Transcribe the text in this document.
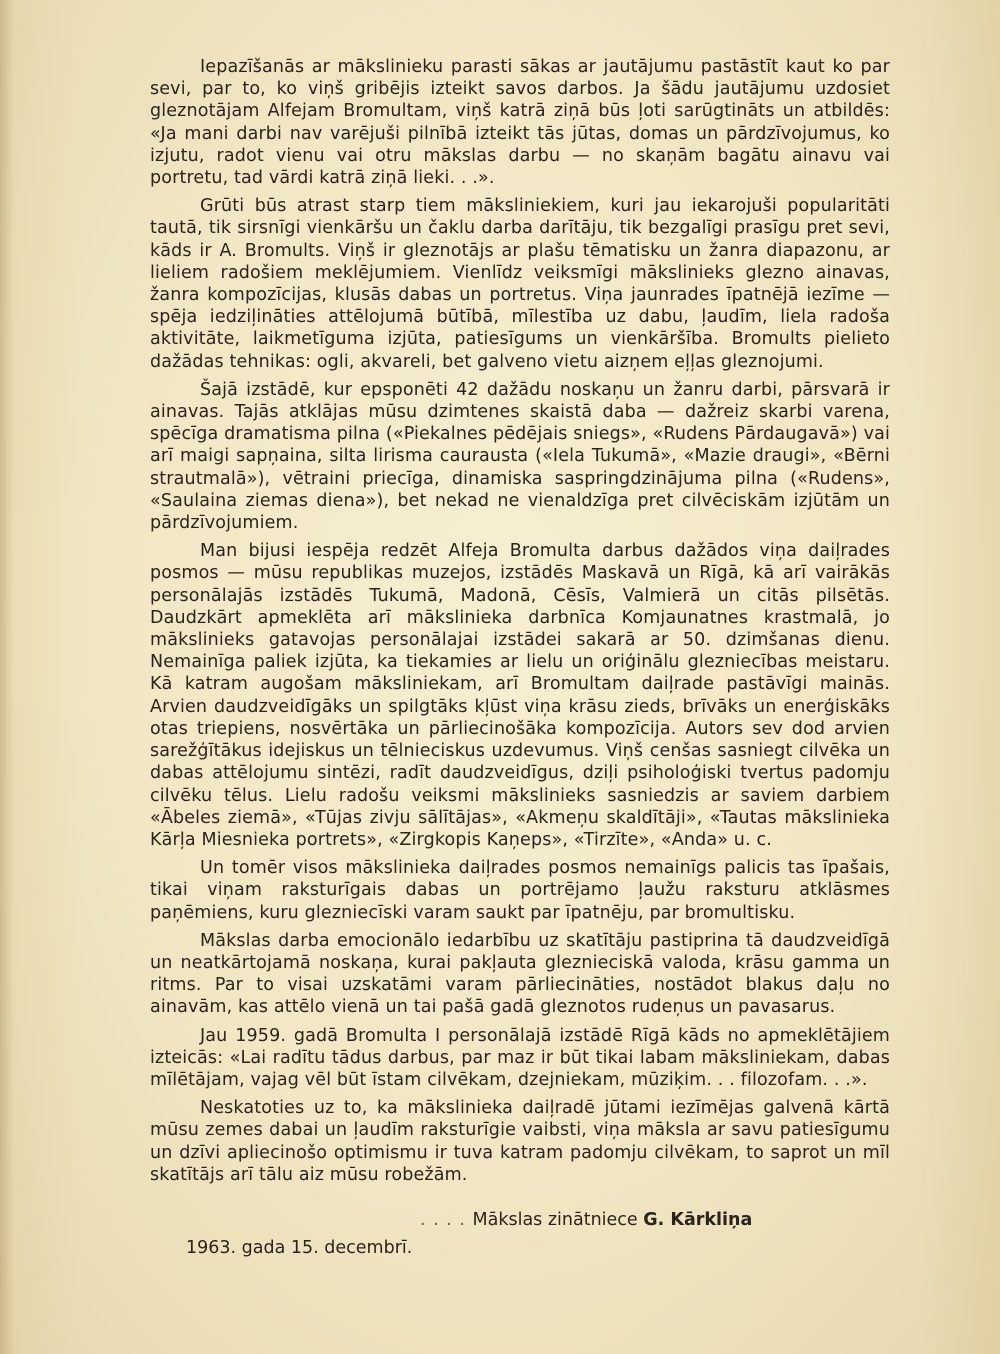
Iepazīšanās ar mākslinieku parasti sākas ar jautājumu pastāstīt kaut ko par sevi, par to, ko viņš gribējis izteikt savos darbos. Ja šādu jautājumu uzdosiet gleznotājam Alfejam Bromultam, viņš katrā ziņā būs ļoti sarūgtināts un atbildēs: «Ja mani darbi nav varējuši pilnībā izteikt tās jūtas, domas un pārdzīvojumus, ko izjutu, radot vienu vai otru mākslas darbu — no skaņām bagātu ainavu vai portretu, tad vārdi katrā ziņā lieki. . .».

Grūti būs atrast starp tiem māksliniekiem, kuri jau iekarojuši popularitāti tautā, tik sirsnīgi vienkāršu un čaklu darba darītāju, tik bezgalīgi prasīgu pret sevi, kāds ir A. Bromults. Viņš ir gleznotājs ar plašu tēmatisku un žanra diapazonu, ar lieliem radošiem meklējumiem. Vienlīdz veiksmīgi mākslinieks glezno ainavas, žanra kompozīcijas, klusās dabas un portretus. Viņa jaunrades īpatnējā iezīme — spēja iedziļināties attēlojumā būtībā, mīlestība uz dabu, ļaudīm, liela radoša aktivitāte, laikmetīguma izjūta, patiesīgums un vienkāršība. Bromults pielieto dažādas tehnikas: ogli, akvareli, bet galveno vietu aizņem eļļas gleznojumi.

Šajā izstādē, kur epsponēti 42 dažādu noskaņu un žanru darbi, pārsvarā ir ainavas. Tajās atklājas mūsu dzimtenes skaistā daba — dažreiz skarbi varena, spēcīga dramatisma pilna («Piekalnes pēdējais sniegs», «Rudens Pārdaugavā») vai arī maigi sapņaina, silta lirisma caurausta («Iela Tukumā», «Mazie draugi», «Bērni strautmalā»), vētraini priecīga, dinamiska saspringdzinājuma pilna («Rudens», «Saulaina ziemas diena»), bet nekad ne vienaldzīga pret cilvēciskām izjūtām un pārdzīvojumiem.

Man bijusi iespēja redzēt Alfeja Bromulta darbus dažādos viņa daiļrades posmos — mūsu republikas muzejos, izstādēs Maskavā un Rīgā, kā arī vairākās personālajās izstādēs Tukumā, Madonā, Cēsīs, Valmierā un citās pilsētās. Daudzkārt apmeklēta arī mākslinieka darbnīca Komjaunatnes krastmalā, jo mākslinieks gatavojas personālajai izstādei sakarā ar 50. dzimšanas dienu. Nemainīga paliek izjūta, ka tiekamies ar lielu un oriģinālu glezniecības meistaru. Kā katram augošam māksliniekam, arī Bromultam daiļrade pastāvīgi mainās. Arvien daudzveidīgāks un spilgtāks kļūst viņa krāsu zieds, brīvāks un enerģiskāks otas triepiens, nosvērtāka un pārliecinošāka kompozīcija. Autors sev dod arvien sarežģītākus idejiskus un tēlnieciskus uzdevumus. Viņš cenšas sasniegt cilvēka un dabas attēlojumu sintēzi, radīt daudzveidīgus, dziļi psiholoģiski tvertus padomju cilvēku tēlus. Lielu radošu veiksmi mākslinieks sasniedzis ar saviem darbiem «Ābeles ziemā», «Tūjas zivju sālītājas», «Akmeņu skaldītāji», «Tautas mākslinieka Kārļa Miesnieka portrets», «Zirgkopis Kaņeps», «Tirzīte», «Anda» u. c.

Un tomēr visos mākslinieka daiļrades posmos nemainīgs palicis tas īpašais, tikai viņam raksturīgais dabas un portrējamo ļaužu raksturu atklāsmes paņēmiens, kuru glezniecīski varam saukt par īpatnēju, par bromultisku.

Mākslas darba emocionālo iedarbību uz skatītāju pastiprina tā daudzveidīgā un neatkārtojamā noskaņa, kurai pakļauta gleznieciskā valoda, krāsu gamma un ritms. Par to visai uzskatāmi varam pārliecināties, nostādot blakus daļu no ainavām, kas attēlo vienā un tai pašā gadā gleznotos rudeņus un pavasarus.

Jau 1959. gadā Bromulta I personālajā izstādē Rīgā kāds no apmeklētājiem izteicās: «Lai radītu tādus darbus, par maz ir būt tikai labam māksliniekam, dabas mīlētājam, vajag vēl būt īstam cilvēkam, dzejniekam, mūziķim. . . filozofam. . .».

Neskatoties uz to, ka mākslinieka daiļradē jūtami iezīmējas galvenā kārtā mūsu zemes dabai un ļaudīm raksturīgie vaibsti, viņa māksla ar savu patiesīgumu un dzīvi apliecinošo optimismu ir tuva katram padomju cilvēkam, to saprot un mīl skatītājs arī tālu aiz mūsu robežām.

. . . . Mākslas zinātniece G. Kārkliņa
1963. gada 15. decembrī.
